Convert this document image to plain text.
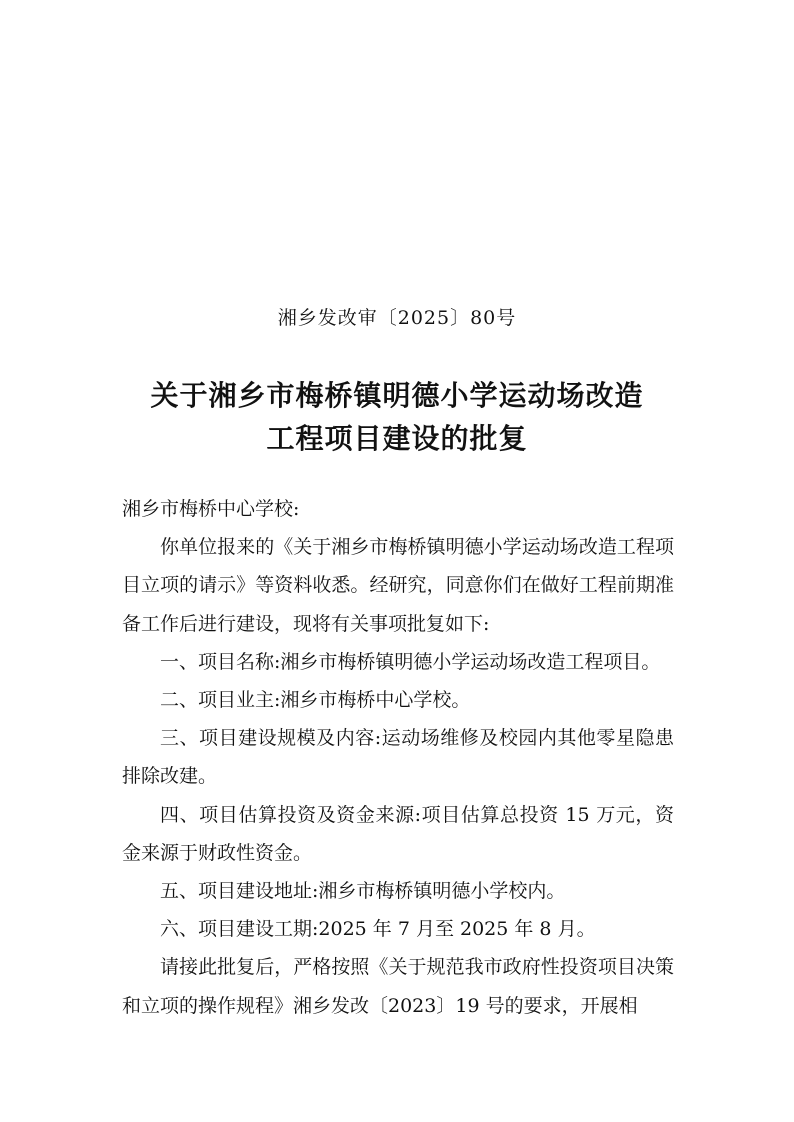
湘乡发改审〔2025〕80号
关于湘乡市梅桥镇明德小学运动场改造
工程项目建设的批复

湘乡市梅桥中心学校:

你单位报来的《关于湘乡市梅桥镇明德小学运动场改造工程项目立项的请示》等资料收悉。经研究，同意你们在做好工程前期准备工作后进行建设，现将有关事项批复如下:

一、项目名称:湘乡市梅桥镇明德小学运动场改造工程项目。

二、项目业主:湘乡市梅桥中心学校。

三、项目建设规模及内容:运动场维修及校园内其他零星隐患排除改建。

四、项目估算投资及资金来源:项目估算总投资 15 万元，资金来源于财政性资金。

五、项目建设地址:湘乡市梅桥镇明德小学校内。

六、项目建设工期:2025 年 7 月至 2025 年 8 月。

请接此批复后，严格按照《关于规范我市政府性投资项目决策和立项的操作规程》湘乡发改〔2023〕19 号的要求，开展相
